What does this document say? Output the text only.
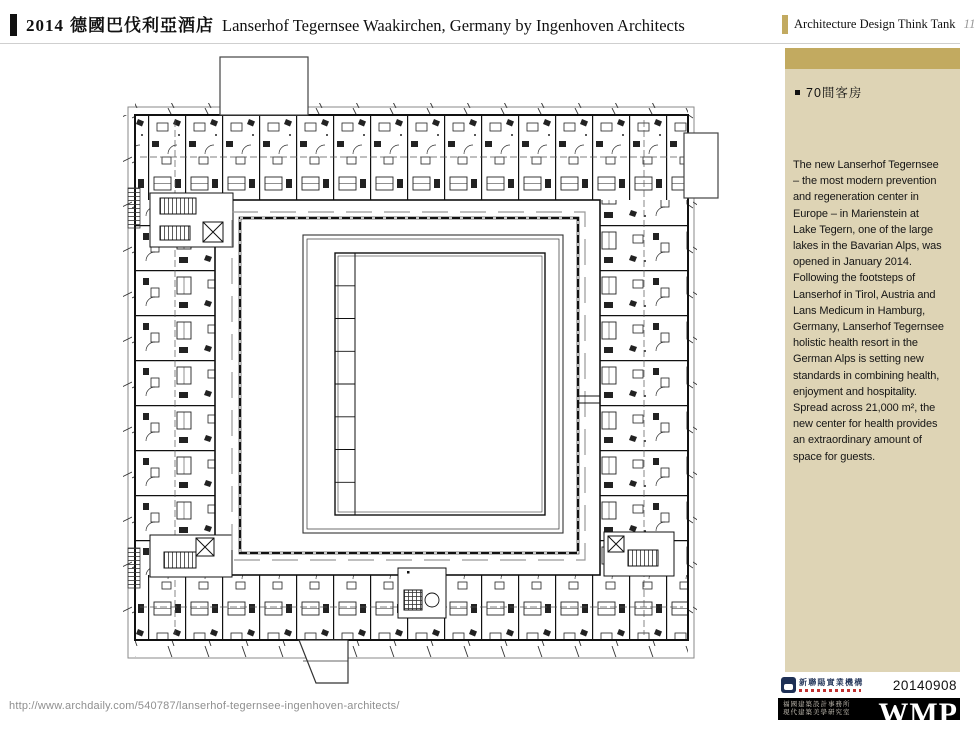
2014 德國巴伐利亞酒店 Lanserhof Tegernsee Waakirchen, Germany by Ingenhoven Architects	Architecture Design Think Tank 11
70間客房

The new Lanserhof Tegernsee – the most modern prevention and regeneration center in Europe – in Marienstein at Lake Tegern, one of the large lakes in the Bavarian Alps, was opened in January 2014. Following the footsteps of Lanserhof in Tirol, Austria and Lans Medicum in Hamburg, Germany, Lanserhof Tegernsee holistic health resort in the German Alps is setting new standards in combining health, enjoyment and hospitality. Spread across 21,000 m², the new center for health provides an extraordinary amount of space for guests.

http://www.archdaily.com/540787/lanserhof-tegernsee-ingenhoven-architects/
新聯陽實業機構 20140908
福國建築設計事務所
現代建築美學研究室 WMP
